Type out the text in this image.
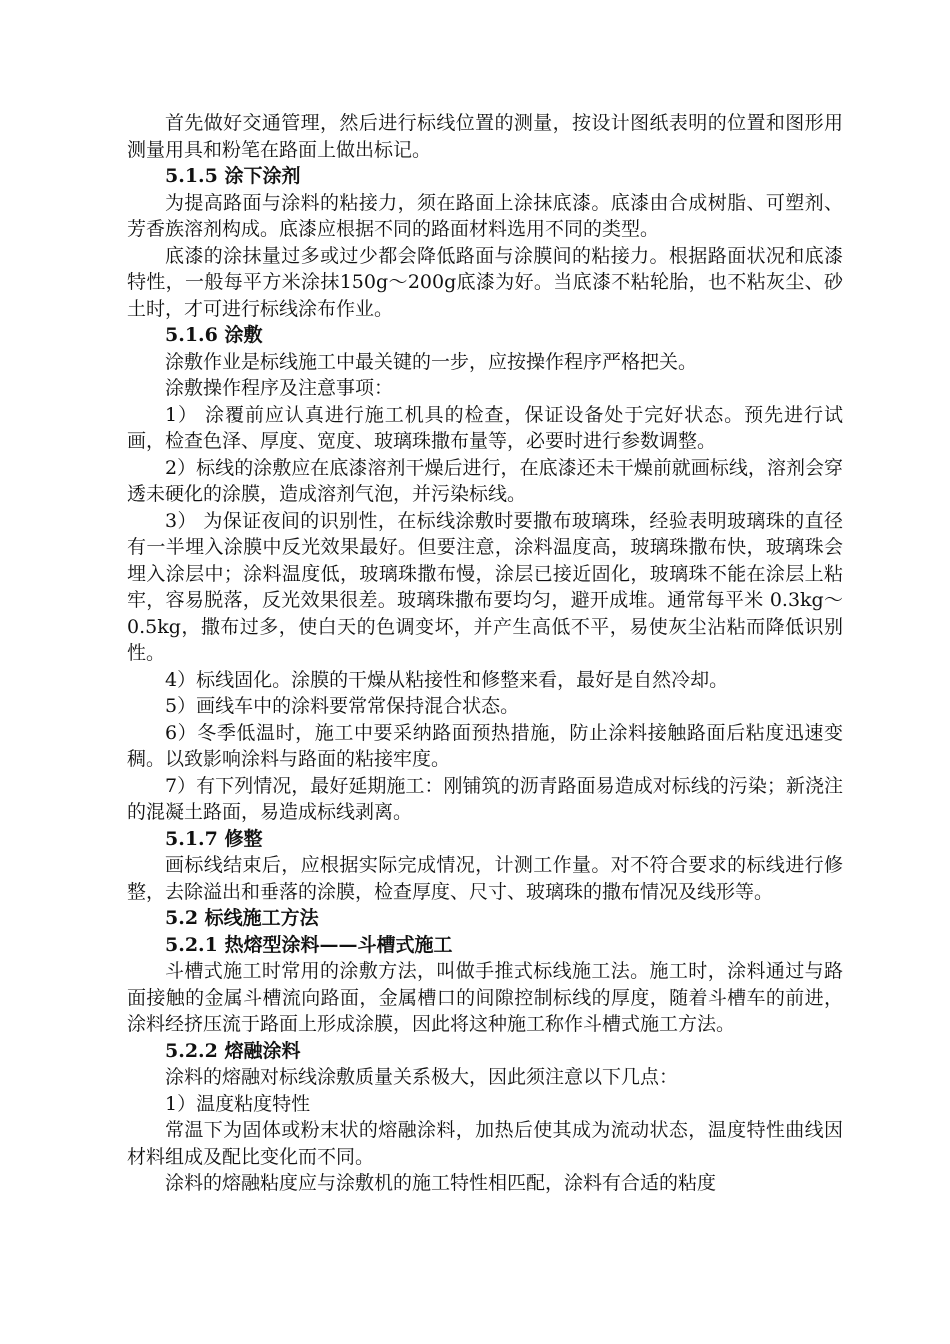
首先做好交通管理，然后进行标线位置的测量，按设计图纸表明的位置和图形用测量用具和粉笔在路面上做出标记。

5.1.5 涂下涂剂

为提高路面与涂料的粘接力，须在路面上涂抹底漆。底漆由合成树脂、可塑剂、芳香族溶剂构成。底漆应根据不同的路面材料选用不同的类型。

底漆的涂抹量过多或过少都会降低路面与涂膜间的粘接力。根据路面状况和底漆特性，一般每平方米涂抹150g～200g底漆为好。当底漆不粘轮胎，也不粘灰尘、砂土时，才可进行标线涂布作业。

5.1.6 涂敷

涂敷作业是标线施工中最关键的一步，应按操作程序严格把关。

涂敷操作程序及注意事项：

1） 涂覆前应认真进行施工机具的检查，保证设备处于完好状态。预先进行试画，检查色泽、厚度、宽度、玻璃珠撒布量等，必要时进行参数调整。

2）标线的涂敷应在底漆溶剂干燥后进行，在底漆还未干燥前就画标线，溶剂会穿透未硬化的涂膜，造成溶剂气泡，并污染标线。

3） 为保证夜间的识别性，在标线涂敷时要撒布玻璃珠，经验表明玻璃珠的直径有一半埋入涂膜中反光效果最好。但要注意，涂料温度高，玻璃珠撒布快，玻璃珠会埋入涂层中；涂料温度低，玻璃珠撒布慢，涂层已接近固化，玻璃珠不能在涂层上粘牢，容易脱落，反光效果很差。玻璃珠撒布要均匀，避开成堆。通常每平米 0.3kg～0.5kg，撒布过多，使白天的色调变坏，并产生高低不平，易使灰尘沾粘而降低识别性。

4）标线固化。涂膜的干燥从粘接性和修整来看，最好是自然冷却。

5）画线车中的涂料要常常保持混合状态。

6）冬季低温时，施工中要采纳路面预热措施，防止涂料接触路面后粘度迅速变稠。以致影响涂料与路面的粘接牢度。

7）有下列情况，最好延期施工：刚铺筑的沥青路面易造成对标线的污染；新浇注的混凝土路面，易造成标线剥离。

5.1.7 修整

画标线结束后，应根据实际完成情况，计测工作量。对不符合要求的标线进行修整，去除溢出和垂落的涂膜，检查厚度、尺寸、玻璃珠的撒布情况及线形等。

5.2 标线施工方法

5.2.1 热熔型涂料——斗槽式施工

斗槽式施工时常用的涂敷方法，叫做手推式标线施工法。施工时，涂料通过与路面接触的金属斗槽流向路面，金属槽口的间隙控制标线的厚度，随着斗槽车的前进，涂料经挤压流于路面上形成涂膜，因此将这种施工称作斗槽式施工方法。

5.2.2 熔融涂料

涂料的熔融对标线涂敷质量关系极大，因此须注意以下几点：

1）温度粘度特性

常温下为固体或粉末状的熔融涂料，加热后使其成为流动状态，温度特性曲线因材料组成及配比变化而不同。

涂料的熔融粘度应与涂敷机的施工特性相匹配，涂料有合适的粘度
